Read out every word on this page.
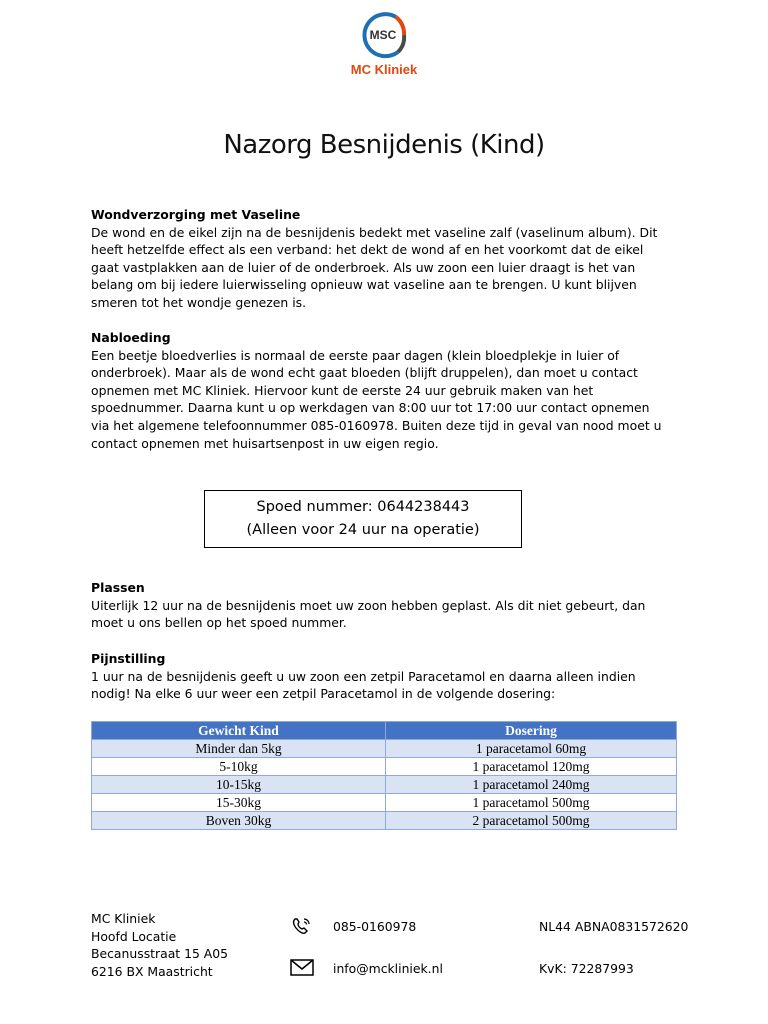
MSC
MC Kliniek
Nazorg Besnijdenis (Kind)
Wondverzorging met Vaseline
De wond en de eikel zijn na de besnijdenis bedekt met vaseline zalf (vaselinum album). Dit
heeft hetzelfde effect als een verband: het dekt de wond af en het voorkomt dat de eikel
gaat vastplakken aan de luier of de onderbroek. Als uw zoon een luier draagt is het van
belang om bij iedere luierwisseling opnieuw wat vaseline aan te brengen. U kunt blijven
smeren tot het wondje genezen is.
Nabloeding
Een beetje bloedverlies is normaal de eerste paar dagen (klein bloedplekje in luier of
onderbroek). Maar als de wond echt gaat bloeden (blijft druppelen), dan moet u contact
opnemen met MC Kliniek. Hiervoor kunt de eerste 24 uur gebruik maken van het
spoednummer. Daarna kunt u op werkdagen van 8:00 uur tot 17:00 uur contact opnemen
via het algemene telefoonnummer 085-0160978. Buiten deze tijd in geval van nood moet u
contact opnemen met huisartsenpost in uw eigen regio.
Spoed nummer: 0644238443
(Alleen voor 24 uur na operatie)
Plassen
Uiterlijk 12 uur na de besnijdenis moet uw zoon hebben geplast. Als dit niet gebeurt, dan
moet u ons bellen op het spoed nummer.
Pijnstilling
1 uur na de besnijdenis geeft u uw zoon een zetpil Paracetamol en daarna alleen indien
nodig! Na elke 6 uur weer een zetpil Paracetamol in de volgende dosering:
Gewicht Kind	Dosering
Minder dan 5kg	1 paracetamol 60mg
5-10kg	1 paracetamol 120mg
10-15kg	1 paracetamol 240mg
15-30kg	1 paracetamol 500mg
Boven 30kg	2 paracetamol 500mg
MC Kliniek
Hoofd Locatie
Becanusstraat 15 A05
6216 BX Maastricht
085-0160978	NL44 ABNA0831572620
info@mckliniek.nl	KvK: 72287993
